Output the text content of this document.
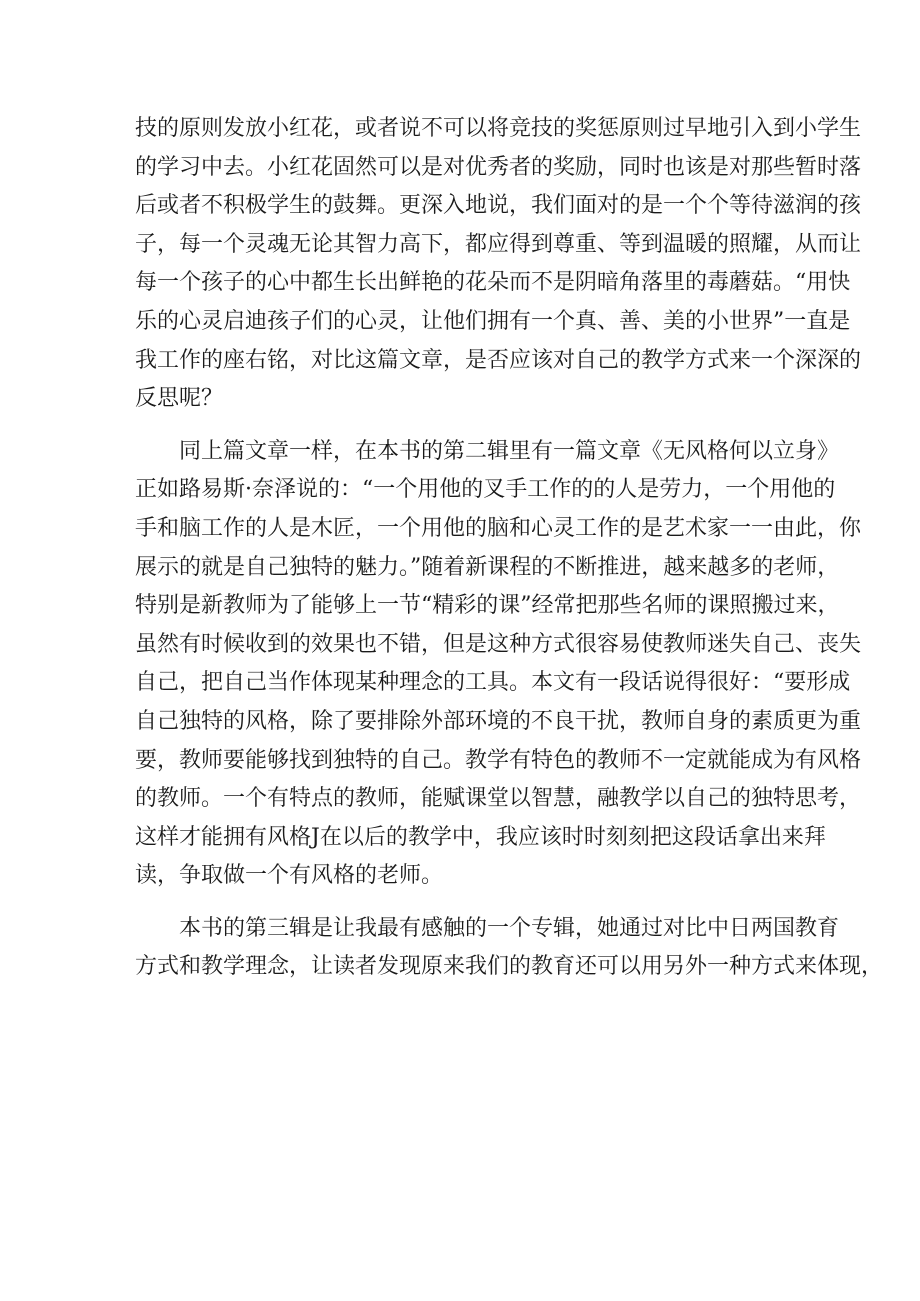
技的原则发放小红花，或者说不可以将竞技的奖惩原则过早地引入到小学生
的学习中去。小红花固然可以是对优秀者的奖励，同时也该是对那些暂时落
后或者不积极学生的鼓舞。更深入地说，我们面对的是一个个等待滋润的孩
子，每一个灵魂无论其智力高下，都应得到尊重、等到温暖的照耀，从而让
每一个孩子的心中都生长出鲜艳的花朵而不是阴暗角落里的毒蘑菇。“用快
乐的心灵启迪孩子们的心灵，让他们拥有一个真、善、美的小世界”一直是
我工作的座右铭，对比这篇文章，是否应该对自己的教学方式来一个深深的
反思呢？
同上篇文章一样，在本书的第二辑里有一篇文章《无风格何以立身》
正如路易斯·奈泽说的：“一个用他的叉手工作的的人是劳力，一个用他的
手和脑工作的人是木匠，一个用他的脑和心灵工作的是艺术家一一由此，你
展示的就是自己独特的魅力。”随着新课程的不断推进，越来越多的老师，
特别是新教师为了能够上一节“精彩的课”经常把那些名师的课照搬过来，
虽然有时候收到的效果也不错，但是这种方式很容易使教师迷失自己、丧失
自己，把自己当作体现某种理念的工具。本文有一段话说得很好：“要形成
自己独特的风格，除了要排除外部环境的不良干扰，教师自身的素质更为重
要，教师要能够找到独特的自己。教学有特色的教师不一定就能成为有风格
的教师。一个有特点的教师，能赋课堂以智慧，融教学以自己的独特思考，
这样才能拥有风格J在以后的教学中，我应该时时刻刻把这段话拿出来拜
读，争取做一个有风格的老师。
本书的第三辑是让我最有感触的一个专辑，她通过对比中日两国教育
方式和教学理念，让读者发现原来我们的教育还可以用另外一种方式来体现，
